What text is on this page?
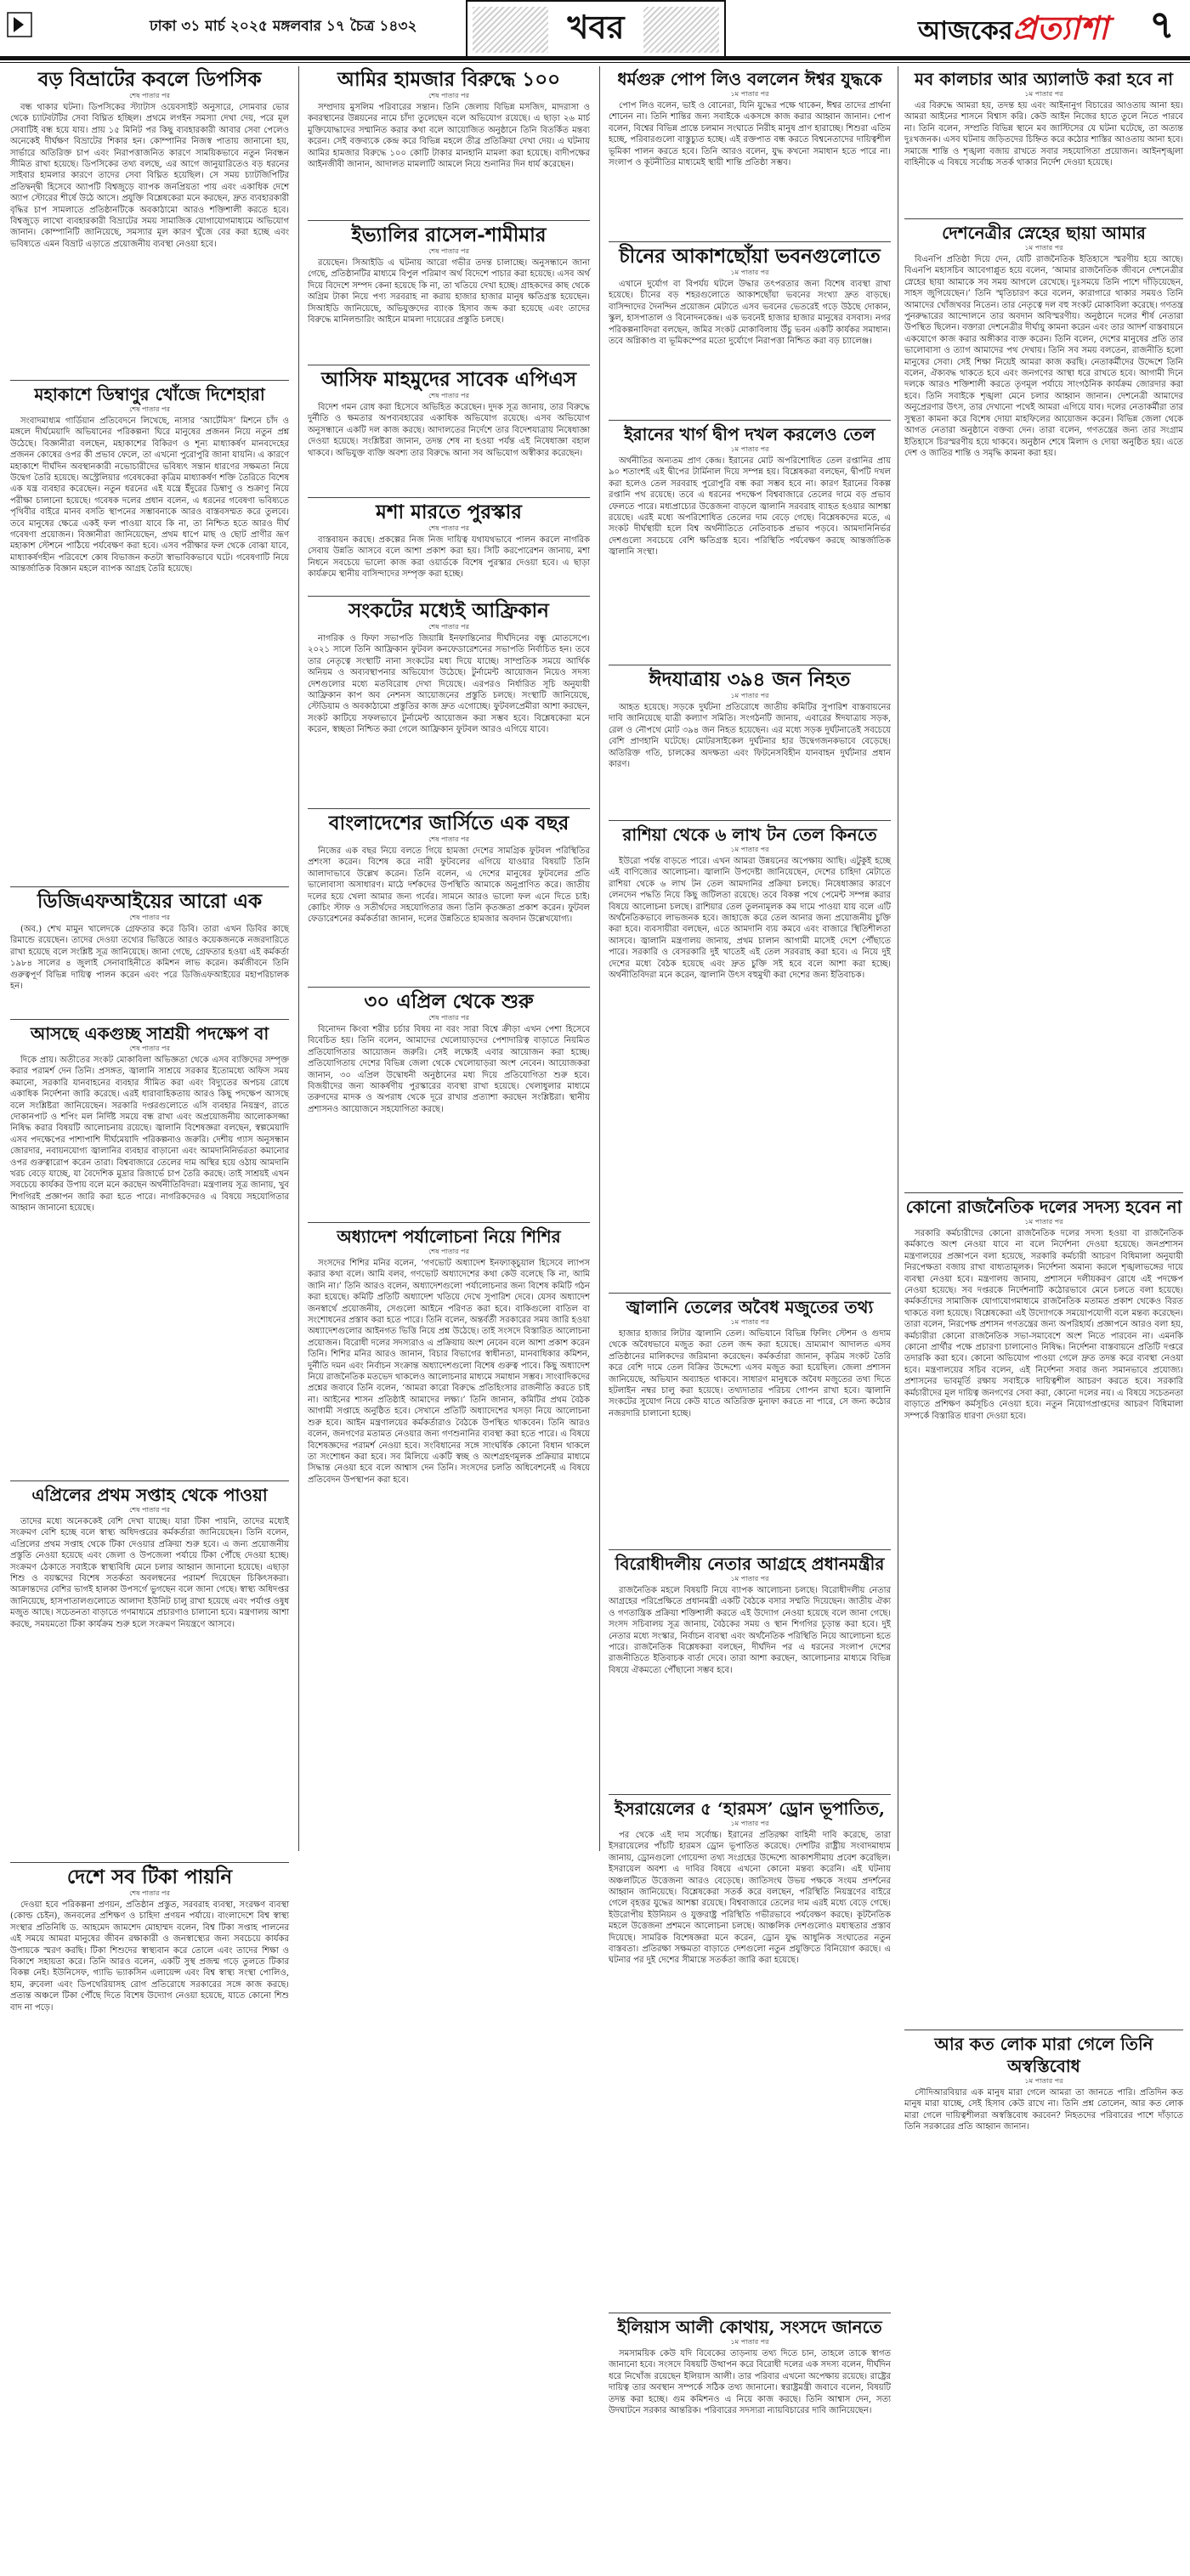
ঢাকা ৩১ মার্চ ২০২৫ মঙ্গলবার ১৭ চৈত্র ১৪৩২	খবর	আজকেরপ্রত্যাশা	৭
বড় বিভ্রাটের কবলে ডিপসিক
শেষ পাতার পর

বন্ধ থাকার ঘটনা। ডিপসিকের স্ট্যাটাস ওয়েবসাইট অনুসারে, সোমবার ভোর থেকে চ্যাটবটটির সেবা বিঘ্নিত হচ্ছিল। প্রথমে লগইন সমস্যা দেখা দেয়, পরে মূল সেবাটিই বন্ধ হয়ে যায়। প্রায় ১৫ মিনিট পর কিছু ব্যবহারকারী আবার সেবা পেলেও অনেকেই দীর্ঘক্ষণ বিভ্রাটের শিকার হন। কোম্পানির নিজস্ব পাতায় জানানো হয়, সার্ভারে অতিরিক্ত চাপ এবং নিরাপত্তাজনিত কারণে সাময়িকভাবে নতুন নিবন্ধন সীমিত রাখা হয়েছে। ডিপসিকের তথ্য বলছে, এর আগে জানুয়ারিতেও বড় ধরনের সাইবার হামলার কারণে তাদের সেবা বিঘ্নিত হয়েছিল। সে সময় চ্যাটজিপিটির প্রতিদ্বন্দ্বী হিসেবে অ্যাপটি বিশ্বজুড়ে ব্যাপক জনপ্রিয়তা পায় এবং একাধিক দেশে অ্যাপ স্টোরের শীর্ষে উঠে আসে। প্রযুক্তি বিশ্লেষকেরা মনে করছেন, দ্রুত ব্যবহারকারী বৃদ্ধির চাপ সামলাতে প্রতিষ্ঠানটিকে অবকাঠামো আরও শক্তিশালী করতে হবে। বিশ্বজুড়ে লাখো ব্যবহারকারী বিভ্রাটের সময় সামাজিক যোগাযোগমাধ্যমে অভিযোগ জানান। কোম্পানিটি জানিয়েছে, সমস্যার মূল কারণ খুঁজে বের করা হচ্ছে এবং ভবিষ্যতে এমন বিভ্রাট এড়াতে প্রয়োজনীয় ব্যবস্থা নেওয়া হবে।

মহাকাশে ডিম্বাণুর খোঁজে দিশেহারা
শেষ পাতার পর

সংবাদমাধ্যম গার্ডিয়ান প্রতিবেদনে লিখেছে, নাসার ‘আর্টেমিস’ মিশনে চাঁদ ও মঙ্গলে দীর্ঘমেয়াদি অভিযানের পরিকল্পনা ঘিরে মানুষের প্রজনন নিয়ে নতুন প্রশ্ন উঠেছে। বিজ্ঞানীরা বলছেন, মহাকাশের বিকিরণ ও শূন্য মাধ্যাকর্ষণ মানবদেহের প্রজনন কোষের ওপর কী প্রভাব ফেলে, তা এখনো পুরোপুরি জানা যায়নি। এ কারণে মহাকাশে দীর্ঘদিন অবস্থানকারী নভোচারীদের ভবিষ্যৎ সন্তান ধারণের সক্ষমতা নিয়ে উদ্বেগ তৈরি হয়েছে। অস্ট্রেলিয়ার গবেষকেরা কৃত্রিম মাধ্যাকর্ষণ শক্তি তৈরিতে বিশেষ এক যন্ত্র ব্যবহার করেছেন। নতুন ধরনের এই যন্ত্রে ইঁদুরের ডিম্বাণু ও শুক্রাণু নিয়ে পরীক্ষা চালানো হয়েছে। গবেষক দলের প্রধান বলেন, এ ধরনের গবেষণা ভবিষ্যতে পৃথিবীর বাইরে মানব বসতি স্থাপনের সম্ভাবনাকে আরও বাস্তবসম্মত করে তুলবে। তবে মানুষের ক্ষেত্রে একই ফল পাওয়া যাবে কি না, তা নিশ্চিত হতে আরও দীর্ঘ গবেষণা প্রয়োজন। বিজ্ঞানীরা জানিয়েছেন, প্রথম ধাপে মাছ ও ছোট প্রাণীর ভ্রূণ মহাকাশ স্টেশনে পাঠিয়ে পর্যবেক্ষণ করা হবে। এসব পরীক্ষার ফল থেকে বোঝা যাবে, মাধ্যাকর্ষণহীন পরিবেশে কোষ বিভাজন কতটা স্বাভাবিকভাবে ঘটে। গবেষণাটি নিয়ে আন্তর্জাতিক বিজ্ঞান মহলে ব্যাপক আগ্রহ তৈরি হয়েছে।

ডিজিএফআইয়ের আরো এক
শেষ পাতার পর

(অব.) শেখ মামুন খালেদকে গ্রেফতার করে ডিবি। তারা এখন ডিবির কাছে রিমান্ডে রয়েছেন। তাদের দেওয়া তথ্যের ভিত্তিতে আরও কয়েকজনকে নজরদারিতে রাখা হয়েছে বলে সংশ্লিষ্ট সূত্র জানিয়েছে। জানা গেছে, গ্রেফতার হওয়া এই কর্মকর্তা ১৯৮৪ সালের ৪ জুলাই সেনাবাহিনীতে কমিশন লাভ করেন। কর্মজীবনে তিনি গুরুত্বপূর্ণ বিভিন্ন দায়িত্ব পালন করেন এবং পরে ডিজিএফআইয়ের মহাপরিচালক হন।

আসছে একগুচ্ছ সাশ্রয়ী পদক্ষেপ বা
শেষ পাতার পর

দিকে প্রায়। অতীতের সংকট মোকাবিলা অভিজ্ঞতা থেকে এসব ব্যক্তিদের সম্পৃক্ত করার পরামর্শ দেন তিনি। প্রসঙ্গত, জ্বালানি সাশ্রয়ে সরকার ইতোমধ্যে অফিস সময় কমানো, সরকারি যানবাহনের ব্যবহার সীমিত করা এবং বিদ্যুতের অপচয় রোধে একাধিক নির্দেশনা জারি করেছে। এরই ধারাবাহিকতায় আরও কিছু পদক্ষেপ আসছে বলে সংশ্লিষ্টরা জানিয়েছেন। সরকারি দপ্তরগুলোতে এসি ব্যবহার নিয়ন্ত্রণ, রাতে দোকানপাট ও শপিং মল নির্দিষ্ট সময়ে বন্ধ রাখা এবং অপ্রয়োজনীয় আলোকসজ্জা নিষিদ্ধ করার বিষয়টি আলোচনায় রয়েছে। জ্বালানি বিশেষজ্ঞরা বলছেন, স্বল্পমেয়াদি এসব পদক্ষেপের পাশাপাশি দীর্ঘমেয়াদি পরিকল্পনাও জরুরি। দেশীয় গ্যাস অনুসন্ধান জোরদার, নবায়নযোগ্য জ্বালানির ব্যবহার বাড়ানো এবং আমদানিনির্ভরতা কমানোর ওপর গুরুত্বারোপ করেন তারা। বিশ্ববাজারে তেলের দাম অস্থির হয়ে ওঠায় আমদানি খরচ বেড়ে যাচ্ছে, যা বৈদেশিক মুদ্রার রিজার্ভে চাপ তৈরি করছে। তাই সাশ্রয়ই এখন সবচেয়ে কার্যকর উপায় বলে মনে করছেন অর্থনীতিবিদরা। মন্ত্রণালয় সূত্র জানায়, খুব শিগগিরই প্রজ্ঞাপন জারি করা হতে পারে। নাগরিকদেরও এ বিষয়ে সহযোগিতার আহ্বান জানানো হয়েছে।

এপ্রিলের প্রথম সপ্তাহ থেকে পাওয়া
শেষ পাতার পর

তাদের মধ্যে অনেককেই বেশি দেখা যাচ্ছে। যারা টিকা পায়নি, তাদের মধ্যেই সংক্রমণ বেশি হচ্ছে বলে স্বাস্থ্য অধিদপ্তরের কর্মকর্তারা জানিয়েছেন। তিনি বলেন, এপ্রিলের প্রথম সপ্তাহ থেকে টিকা দেওয়ার প্রক্রিয়া শুরু হবে। এ জন্য প্রয়োজনীয় প্রস্তুতি নেওয়া হয়েছে এবং জেলা ও উপজেলা পর্যায়ে টিকা পৌঁছে দেওয়া হচ্ছে। সংক্রমণ ঠেকাতে সবাইকে স্বাস্থ্যবিধি মেনে চলার আহ্বান জানানো হয়েছে। এছাড়া শিশু ও বয়স্কদের বিশেষ সতর্কতা অবলম্বনের পরামর্শ দিয়েছেন চিকিৎসকরা। আক্রান্তদের বেশির ভাগই হালকা উপসর্গে ভুগছেন বলে জানা গেছে। স্বাস্থ্য অধিদপ্তর জানিয়েছে, হাসপাতালগুলোতে আলাদা ইউনিট চালু রাখা হয়েছে এবং পর্যাপ্ত ওষুধ মজুত আছে। সচেতনতা বাড়াতে গণমাধ্যমে প্রচারণাও চালানো হবে। মন্ত্রণালয় আশা করছে, সময়মতো টিকা কার্যক্রম শুরু হলে সংক্রমণ নিয়ন্ত্রণে আসবে।

দেশে সব টিকা পায়নি
শেষ পাতার পর

দেওয়া হবে পরিকল্পনা প্রণয়ন, প্রতিষ্ঠান প্রস্তুত, সরবরাহ ব্যবস্থা, সংরক্ষণ ব্যবস্থা (কোল্ড চেইন), জনবলের প্রশিক্ষণ ও চাহিদা প্রণয়ন পর্যায়ে। বাংলাদেশে বিশ্ব স্বাস্থ্য সংস্থার প্রতিনিধি ড. আহমেদ জামশেদ মোহাম্মদ বলেন, বিশ্ব টিকা সপ্তাহ পালনের এই সময়ে আমরা মানুষের জীবন রক্ষাকারী ও জনস্বাস্থ্যের জন্য সবচেয়ে কার্যকর উপায়কে স্মরণ করছি। টিকা শিশুদের স্বাস্থ্যবান করে তোলে এবং তাদের শিক্ষা ও বিকাশে সহায়তা করে। তিনি আরও বলেন, একটি সুস্থ প্রজন্ম গড়ে তুলতে টিকার বিকল্প নেই। ইউনিসেফ, গ্যাভি ভ্যাকসিন এলায়েন্স এবং বিশ্ব স্বাস্থ্য সংস্থা পোলিও, হাম, রুবেলা এবং ডিপথেরিয়াসহ রোগ প্রতিরোধে সরকারের সঙ্গে কাজ করছে। প্রত্যন্ত অঞ্চলে টিকা পৌঁছে দিতে বিশেষ উদ্যোগ নেওয়া হয়েছে, যাতে কোনো শিশু বাদ না পড়ে।

আমির হামজার বিরুদ্ধে ১০০
শেষ পাতার পর

সম্প্রদায় মুসলিম পরিবারের সন্তান। তিনি জেলায় বিভিন্ন মসজিদ, মাদরাসা ও কবরস্থানের উন্নয়নের নামে চাঁদা তুলেছেন বলে অভিযোগ রয়েছে। এ ছাড়া ২৬ মার্চ মুক্তিযোদ্ধাদের সম্মানিত করার কথা বলে আয়োজিত অনুষ্ঠানে তিনি বিতর্কিত মন্তব্য করেন। সেই বক্তব্যকে কেন্দ্র করে বিভিন্ন মহলে তীব্র প্রতিক্রিয়া দেখা দেয়। এ ঘটনায় আমির হামজার বিরুদ্ধে ১০০ কোটি টাকার মানহানি মামলা করা হয়েছে। বাদীপক্ষের আইনজীবী জানান, আদালত মামলাটি আমলে নিয়ে শুনানির দিন ধার্য করেছেন।

ইভ্যালির রাসেল-শামীমার
শেষ পাতার পর

রয়েছেন। সিআইডি এ ঘটনায় আরো গভীর তদন্ত চালাচ্ছে। অনুসন্ধানে জানা গেছে, প্রতিষ্ঠানটির মাধ্যমে বিপুল পরিমাণ অর্থ বিদেশে পাচার করা হয়েছে। এসব অর্থ দিয়ে বিদেশে সম্পদ কেনা হয়েছে কি না, তা খতিয়ে দেখা হচ্ছে। গ্রাহকদের কাছ থেকে অগ্রিম টাকা নিয়ে পণ্য সরবরাহ না করায় হাজার হাজার মানুষ ক্ষতিগ্রস্ত হয়েছেন। সিআইডি জানিয়েছে, অভিযুক্তদের ব্যাংক হিসাব জব্দ করা হয়েছে এবং তাদের বিরুদ্ধে মানিলন্ডারিং আইনে মামলা দায়েরের প্রস্তুতি চলছে।

আসিফ মাহমুদের সাবেক এপিএস
শেষ পাতার পর

বিদেশ গমন রোধ করা হিসেবে অভিহিত করেছেন। দুদক সূত্র জানায়, তার বিরুদ্ধে দুর্নীতি ও ক্ষমতার অপব্যবহারের একাধিক অভিযোগ রয়েছে। এসব অভিযোগ অনুসন্ধানে একটি দল কাজ করছে। আদালতের নির্দেশে তার বিদেশযাত্রায় নিষেধাজ্ঞা দেওয়া হয়েছে। সংশ্লিষ্টরা জানান, তদন্ত শেষ না হওয়া পর্যন্ত এই নিষেধাজ্ঞা বহাল থাকবে। অভিযুক্ত ব্যক্তি অবশ্য তার বিরুদ্ধে আনা সব অভিযোগ অস্বীকার করেছেন।

মশা মারতে পুরস্কার
শেষ পাতার পর

বাস্তবায়ন করছে। প্রকল্পের নিজ নিজ দায়িত্ব যথাযথভাবে পালন করলে নাগরিক সেবায় উন্নতি আসবে বলে আশা প্রকাশ করা হয়। সিটি করপোরেশন জানায়, মশা নিধনে সবচেয়ে ভালো কাজ করা ওয়ার্ডকে বিশেষ পুরস্কার দেওয়া হবে। এ ছাড়া কার্যক্রমে স্থানীয় বাসিন্দাদের সম্পৃক্ত করা হচ্ছে।

সংকটের মধ্যেই আফ্রিকান
শেষ পাতার পর

নাগরিক ও ফিফা সভাপতি জিয়ান্নি ইনফান্তিনোর দীর্ঘদিনের বন্ধু মোতসেপে। ২০২১ সালে তিনি আফ্রিকান ফুটবল কনফেডারেশনের সভাপতি নির্বাচিত হন। তবে তার নেতৃত্বে সংস্থাটি নানা সংকটের মধ্য দিয়ে যাচ্ছে। সাম্প্রতিক সময়ে আর্থিক অনিয়ম ও অব্যবস্থাপনার অভিযোগ উঠেছে। টুর্নামেন্ট আয়োজন নিয়েও সদস্য দেশগুলোর মধ্যে মতবিরোধ দেখা দিয়েছে। এরপরও নির্ধারিত সূচি অনুযায়ী আফ্রিকান কাপ অব নেশনস আয়োজনের প্রস্তুতি চলছে। সংস্থাটি জানিয়েছে, স্টেডিয়াম ও অবকাঠামো প্রস্তুতির কাজ দ্রুত এগোচ্ছে। ফুটবলপ্রেমীরা আশা করছেন, সংকট কাটিয়ে সফলভাবে টুর্নামেন্ট আয়োজন করা সম্ভব হবে। বিশ্লেষকেরা মনে করেন, স্বচ্ছতা নিশ্চিত করা গেলে আফ্রিকান ফুটবল আরও এগিয়ে যাবে।

বাংলাদেশের জার্সিতে এক বছর
শেষ পাতার পর

নিজের এক বছর নিয়ে বলতে গিয়ে হামজা দেশের সামগ্রিক ফুটবল পরিস্থিতির প্রশংসা করেন। বিশেষ করে নারী ফুটবলের এগিয়ে যাওয়ার বিষয়টি তিনি আলাদাভাবে উল্লেখ করেন। তিনি বলেন, এ দেশের মানুষের ফুটবলের প্রতি ভালোবাসা অসাধারণ। মাঠে দর্শকদের উপস্থিতি আমাকে অনুপ্রাণিত করে। জাতীয় দলের হয়ে খেলা আমার জন্য গর্বের। সামনে আরও ভালো ফল এনে দিতে চাই। কোচিং স্টাফ ও সতীর্থদের সহযোগিতার জন্য তিনি কৃতজ্ঞতা প্রকাশ করেন। ফুটবল ফেডারেশনের কর্মকর্তারা জানান, দলের উন্নতিতে হামজার অবদান উল্লেখযোগ্য।

৩০ এপ্রিল থেকে শুরু
শেষ পাতার পর

বিনোদন কিংবা শরীর চর্চার বিষয় না বরং সারা বিশ্বে ক্রীড়া এখন পেশা হিসেবে বিবেচিত হয়। তিনি বলেন, আমাদের খেলোয়াড়দের পেশাদারিত্ব বাড়াতে নিয়মিত প্রতিযোগিতার আয়োজন জরুরি। সেই লক্ষ্যেই এবার আয়োজন করা হচ্ছে। প্রতিযোগিতায় দেশের বিভিন্ন জেলা থেকে খেলোয়াড়রা অংশ নেবেন। আয়োজকরা জানান, ৩০ এপ্রিল উদ্বোধনী অনুষ্ঠানের মধ্য দিয়ে প্রতিযোগিতা শুরু হবে। বিজয়ীদের জন্য আকর্ষণীয় পুরস্কারের ব্যবস্থা রাখা হয়েছে। খেলাধুলার মাধ্যমে তরুণদের মাদক ও অপরাধ থেকে দূরে রাখার প্রত্যাশা করছেন সংশ্লিষ্টরা। স্থানীয় প্রশাসনও আয়োজনে সহযোগিতা করছে।

অধ্যাদেশ পর্যালোচনা নিয়ে শিশির
শেষ পাতার পর

সংসদের শিশির মনির বলেন, ‘গণভোট অধ্যাদেশ ইনফ্যাক্চুয়াল হিসেবে ল্যাপস করার কথা বলে। আমি বলব, গণভোট অধ্যাদেশের কথা কেউ বলেছে কি না, আমি জানি না।’ তিনি আরও বলেন, অধ্যাদেশগুলো পর্যালোচনার জন্য বিশেষ কমিটি গঠন করা হয়েছে। কমিটি প্রতিটি অধ্যাদেশ খতিয়ে দেখে সুপারিশ দেবে। যেসব অধ্যাদেশ জনস্বার্থে প্রয়োজনীয়, সেগুলো আইনে পরিণত করা হবে। বাকিগুলো বাতিল বা সংশোধনের প্রস্তাব করা হতে পারে। তিনি বলেন, অন্তর্বর্তী সরকারের সময় জারি হওয়া অধ্যাদেশগুলোর আইনগত ভিত্তি নিয়ে প্রশ্ন উঠেছে। তাই সংসদে বিস্তারিত আলোচনা প্রয়োজন। বিরোধী দলের সদস্যরাও এ প্রক্রিয়ায় অংশ নেবেন বলে আশা প্রকাশ করেন তিনি। শিশির মনির আরও জানান, বিচার বিভাগের স্বাধীনতা, মানবাধিকার কমিশন, দুর্নীতি দমন এবং নির্বাচন সংক্রান্ত অধ্যাদেশগুলো বিশেষ গুরুত্ব পাবে। কিছু অধ্যাদেশ নিয়ে রাজনৈতিক মতভেদ থাকলেও আলোচনার মাধ্যমে সমাধান সম্ভব। সাংবাদিকদের প্রশ্নের জবাবে তিনি বলেন, ‘আমরা কারো বিরুদ্ধে প্রতিহিংসার রাজনীতি করতে চাই না। আইনের শাসন প্রতিষ্ঠাই আমাদের লক্ষ্য।’ তিনি জানান, কমিটির প্রথম বৈঠক আগামী সপ্তাহে অনুষ্ঠিত হবে। সেখানে প্রতিটি অধ্যাদেশের খসড়া নিয়ে আলোচনা শুরু হবে। আইন মন্ত্রণালয়ের কর্মকর্তারাও বৈঠকে উপস্থিত থাকবেন। তিনি আরও বলেন, জনগণের মতামত নেওয়ার জন্য গণশুনানির ব্যবস্থা করা হতে পারে। এ বিষয়ে বিশেষজ্ঞদের পরামর্শ নেওয়া হবে। সংবিধানের সঙ্গে সাংঘর্ষিক কোনো বিধান থাকলে তা সংশোধন করা হবে। সব মিলিয়ে একটি স্বচ্ছ ও অংশগ্রহণমূলক প্রক্রিয়ার মাধ্যমে সিদ্ধান্ত নেওয়া হবে বলে আশ্বাস দেন তিনি। সংসদের চলতি অধিবেশনেই এ বিষয়ে প্রতিবেদন উপস্থাপন করা হবে।

ধর্মগুরু পোপ লিও বললেন ঈশ্বর যুদ্ধকে
১ম পাতার পর

পোপ লিও বলেন, ভাই ও বোনেরা, যিনি যুদ্ধের পক্ষে থাকেন, ঈশ্বর তাদের প্রার্থনা শোনেন না। তিনি শান্তির জন্য সবাইকে একসঙ্গে কাজ করার আহ্বান জানান। পোপ বলেন, বিশ্বের বিভিন্ন প্রান্তে চলমান সংঘাতে নিরীহ মানুষ প্রাণ হারাচ্ছে। শিশুরা এতিম হচ্ছে, পরিবারগুলো বাস্তুচ্যুত হচ্ছে। এই রক্তপাত বন্ধ করতে বিশ্বনেতাদের দায়িত্বশীল ভূমিকা পালন করতে হবে। তিনি আরও বলেন, যুদ্ধ কখনো সমাধান হতে পারে না। সংলাপ ও কূটনীতির মাধ্যমেই স্থায়ী শান্তি প্রতিষ্ঠা সম্ভব।

চীনের আকাশছোঁয়া ভবনগুলোতে
১ম পাতার পর

এখানে দুর্যোগ বা বিপর্যয় ঘটলে উদ্ধার তৎপরতার জন্য বিশেষ ব্যবস্থা রাখা হয়েছে। চীনের বড় শহরগুলোতে আকাশছোঁয়া ভবনের সংখ্যা দ্রুত বাড়ছে। বাসিন্দাদের দৈনন্দিন প্রয়োজন মেটাতে এসব ভবনের ভেতরেই গড়ে উঠছে দোকান, স্কুল, হাসপাতাল ও বিনোদনকেন্দ্র। এক ভবনেই হাজার হাজার মানুষের বসবাস। নগর পরিকল্পনাবিদরা বলছেন, জমির সংকট মোকাবিলায় উঁচু ভবন একটি কার্যকর সমাধান। তবে অগ্নিকাণ্ড বা ভূমিকম্পের মতো দুর্যোগে নিরাপত্তা নিশ্চিত করা বড় চ্যালেঞ্জ।

ইরানের খার্গ দ্বীপ দখল করলেও তেল
১ম পাতার পর

অর্থনীতির অন্যতম প্রাণ কেন্দ্র। ইরানের মোট অপরিশোধিত তেল রপ্তানির প্রায় ৯০ শতাংশই এই দ্বীপের টার্মিনাল দিয়ে সম্পন্ন হয়। বিশ্লেষকরা বলছেন, দ্বীপটি দখল করা হলেও তেল সরবরাহ পুরোপুরি বন্ধ করা সম্ভব হবে না। কারণ ইরানের বিকল্প রপ্তানি পথ রয়েছে। তবে এ ধরনের পদক্ষেপ বিশ্ববাজারে তেলের দামে বড় প্রভাব ফেলতে পারে। মধ্যপ্রাচ্যের উত্তেজনা বাড়লে জ্বালানি সরবরাহ ব্যাহত হওয়ার আশঙ্কা রয়েছে। এরই মধ্যে অপরিশোধিত তেলের দাম বেড়ে গেছে। বিশ্লেষকদের মতে, এ সংকট দীর্ঘস্থায়ী হলে বিশ্ব অর্থনীতিতে নেতিবাচক প্রভাব পড়বে। আমদানিনির্ভর দেশগুলো সবচেয়ে বেশি ক্ষতিগ্রস্ত হবে। পরিস্থিতি পর্যবেক্ষণ করছে আন্তর্জাতিক জ্বালানি সংস্থা।

ঈদযাত্রায় ৩৯৪ জন নিহত
১ম পাতার পর

আহত হয়েছে। সড়কে দুর্ঘটনা প্রতিরোধে জাতীয় কমিটির সুপারিশ বাস্তবায়নের দাবি জানিয়েছে যাত্রী কল্যাণ সমিতি। সংগঠনটি জানায়, এবারের ঈদযাত্রায় সড়ক, রেল ও নৌপথে মোট ৩৯৪ জন নিহত হয়েছেন। এর মধ্যে সড়ক দুর্ঘটনাতেই সবচেয়ে বেশি প্রাণহানি ঘটেছে। মোটরসাইকেল দুর্ঘটনার হার উদ্বেগজনকভাবে বেড়েছে। অতিরিক্ত গতি, চালকের অদক্ষতা এবং ফিটনেসবিহীন যানবাহন দুর্ঘটনার প্রধান কারণ।

রাশিয়া থেকে ৬ লাখ টন তেল কিনতে
১ম পাতার পর

ইউরো পর্যন্ত বাড়তে পারে। এখন আমরা উন্নয়নের অপেক্ষায় আছি। এটুকুই হচ্ছে এই বাণিজ্যের আলোচনা। জ্বালানি উপদেষ্টা জানিয়েছেন, দেশের চাহিদা মেটাতে রাশিয়া থেকে ৬ লাখ টন তেল আমদানির প্রক্রিয়া চলছে। নিষেধাজ্ঞার কারণে লেনদেন পদ্ধতি নিয়ে কিছু জটিলতা রয়েছে। তবে বিকল্প পথে পেমেন্ট সম্পন্ন করার বিষয়ে আলোচনা চলছে। রাশিয়ার তেল তুলনামূলক কম দামে পাওয়া যায় বলে এটি অর্থনৈতিকভাবে লাভজনক হবে। জাহাজে করে তেল আনার জন্য প্রয়োজনীয় চুক্তি করা হবে। ব্যবসায়ীরা বলছেন, এতে আমদানি ব্যয় কমবে এবং বাজারে স্থিতিশীলতা আসবে। জ্বালানি মন্ত্রণালয় জানায়, প্রথম চালান আগামী মাসেই দেশে পৌঁছাতে পারে। সরকারি ও বেসরকারি দুই খাতেই এই তেল সরবরাহ করা হবে। এ নিয়ে দুই দেশের মধ্যে বৈঠক হয়েছে এবং দ্রুত চুক্তি সই হবে বলে আশা করা হচ্ছে। অর্থনীতিবিদরা মনে করেন, জ্বালানি উৎস বহুমুখী করা দেশের জন্য ইতিবাচক।

জ্বালানি তেলের অবৈধ মজুতের তথ্য
১ম পাতার পর

হাজার হাজার লিটার জ্বালানি তেল। অভিযানে বিভিন্ন ফিলিং স্টেশন ও গুদাম থেকে অবৈধভাবে মজুত করা তেল জব্দ করা হয়েছে। ভ্রাম্যমাণ আদালত এসব প্রতিষ্ঠানের মালিকদের জরিমানা করেছেন। কর্মকর্তারা জানান, কৃত্রিম সংকট তৈরি করে বেশি দামে তেল বিক্রির উদ্দেশ্যে এসব মজুত করা হয়েছিল। জেলা প্রশাসন জানিয়েছে, অভিযান অব্যাহত থাকবে। সাধারণ মানুষকে অবৈধ মজুতের তথ্য দিতে হটলাইন নম্বর চালু করা হয়েছে। তথ্যদাতার পরিচয় গোপন রাখা হবে। জ্বালানি সংকটের সুযোগ নিয়ে কেউ যাতে অতিরিক্ত মুনাফা করতে না পারে, সে জন্য কঠোর নজরদারি চালানো হচ্ছে।

বিরোধীদলীয় নেতার আগ্রহে প্রধানমন্ত্রীর
১ম পাতার পর

রাজনৈতিক মহলে বিষয়টি নিয়ে ব্যাপক আলোচনা চলছে। বিরোধীদলীয় নেতার আগ্রহের পরিপ্রেক্ষিতে প্রধানমন্ত্রী একটি বৈঠকে বসার সম্মতি দিয়েছেন। জাতীয় ঐক্য ও গণতান্ত্রিক প্রক্রিয়া শক্তিশালী করতে এই উদ্যোগ নেওয়া হয়েছে বলে জানা গেছে। সংসদ সচিবালয় সূত্র জানায়, বৈঠকের সময় ও স্থান শিগগির চূড়ান্ত করা হবে। দুই নেতার মধ্যে সংস্কার, নির্বাচন ব্যবস্থা এবং অর্থনৈতিক পরিস্থিতি নিয়ে আলোচনা হতে পারে। রাজনৈতিক বিশ্লেষকরা বলছেন, দীর্ঘদিন পর এ ধরনের সংলাপ দেশের রাজনীতিতে ইতিবাচক বার্তা দেবে। তারা আশা করছেন, আলোচনার মাধ্যমে বিভিন্ন বিষয়ে ঐকমত্যে পৌঁছানো সম্ভব হবে।

ইসরায়েলের ৫ ‘হারমস’ ড্রোন ভূপাতিত,
১ম পাতার পর

পর থেকে এই দাম সর্বোচ্চ। ইরানের প্রতিরক্ষা বাহিনী দাবি করেছে, তারা ইসরায়েলের পাঁচটি হারমস ড্রোন ভূপাতিত করেছে। দেশটির রাষ্ট্রীয় সংবাদমাধ্যম জানায়, ড্রোনগুলো গোয়েন্দা তথ্য সংগ্রহের উদ্দেশ্যে আকাশসীমায় প্রবেশ করেছিল। ইসরায়েল অবশ্য এ দাবির বিষয়ে এখনো কোনো মন্তব্য করেনি। এই ঘটনায় অঞ্চলটিতে উত্তেজনা আরও বেড়েছে। জাতিসংঘ উভয় পক্ষকে সংযম প্রদর্শনের আহ্বান জানিয়েছে। বিশ্লেষকেরা সতর্ক করে বলছেন, পরিস্থিতি নিয়ন্ত্রণের বাইরে গেলে বৃহত্তর যুদ্ধের আশঙ্কা রয়েছে। বিশ্ববাজারে তেলের দাম এরই মধ্যে বেড়ে গেছে। ইউরোপীয় ইউনিয়ন ও যুক্তরাষ্ট্র পরিস্থিতি গভীরভাবে পর্যবেক্ষণ করছে। কূটনৈতিক মহলে উত্তেজনা প্রশমনে আলোচনা চলছে। আঞ্চলিক দেশগুলোও মধ্যস্থতার প্রস্তাব দিয়েছে। সামরিক বিশেষজ্ঞরা মনে করেন, ড্রোন যুদ্ধ আধুনিক সংঘাতের নতুন বাস্তবতা। প্রতিরক্ষা সক্ষমতা বাড়াতে দেশগুলো নতুন প্রযুক্তিতে বিনিয়োগ করছে। এ ঘটনার পর দুই দেশের সীমান্তে সতর্কতা জারি করা হয়েছে।

ইলিয়াস আলী কোথায়, সংসদে জানতে
১ম পাতার পর

সমসাময়িক কেউ যদি বিবেকের তাড়নায় তথ্য দিতে চান, তাহলে তাকে স্বাগত জানানো হবে। সংসদে বিষয়টি উত্থাপন করে বিরোধী দলের এক সদস্য বলেন, দীর্ঘদিন ধরে নিখোঁজ রয়েছেন ইলিয়াস আলী। তার পরিবার এখনো অপেক্ষায় রয়েছে। রাষ্ট্রের দায়িত্ব তার অবস্থান সম্পর্কে সঠিক তথ্য জানানো। স্বরাষ্ট্রমন্ত্রী জবাবে বলেন, বিষয়টি তদন্ত করা হচ্ছে। গুম কমিশনও এ নিয়ে কাজ করছে। তিনি আশ্বাস দেন, সত্য উদঘাটনে সরকার আন্তরিক। পরিবারের সদস্যরা ন্যায়বিচারের দাবি জানিয়েছেন।

মব কালচার আর অ্যালাউ করা হবে না
১ম পাতার পর

এর বিরুদ্ধে আমরা হয়, তদন্ত হয় এবং আইনানুগ বিচারের আওতায় আনা হয়। আমরা আইনের শাসনে বিশ্বাস করি। কেউ আইন নিজের হাতে তুলে নিতে পারবে না। তিনি বলেন, সম্প্রতি বিভিন্ন স্থানে মব জাস্টিসের যে ঘটনা ঘটেছে, তা অত্যন্ত দুঃখজনক। এসব ঘটনায় জড়িতদের চিহ্নিত করে কঠোর শাস্তির আওতায় আনা হবে। সমাজে শান্তি ও শৃঙ্খলা বজায় রাখতে সবার সহযোগিতা প্রয়োজন। আইনশৃঙ্খলা বাহিনীকে এ বিষয়ে সর্বোচ্চ সতর্ক থাকার নির্দেশ দেওয়া হয়েছে।

দেশনেত্রীর স্নেহের ছায়া আমার
১ম পাতার পর

বিএনপি প্রতিষ্ঠা দিয়ে দেন, যেটি রাজনৈতিক ইতিহাসে স্মরণীয় হয়ে আছে। বিএনপি মহাসচিব আবেগাপ্লুত হয়ে বলেন, ‘আমার রাজনৈতিক জীবনে দেশনেত্রীর স্নেহের ছায়া আমাকে সব সময় আগলে রেখেছে। দুঃসময়ে তিনি পাশে দাঁড়িয়েছেন, সাহস জুগিয়েছেন।’ তিনি স্মৃতিচারণ করে বলেন, কারাগারে থাকার সময়ও তিনি আমাদের খোঁজখবর নিতেন। তার নেতৃত্বে দল বহু সংকট মোকাবিলা করেছে। গণতন্ত্র পুনরুদ্ধারের আন্দোলনে তার অবদান অবিস্মরণীয়। অনুষ্ঠানে দলের শীর্ষ নেতারা উপস্থিত ছিলেন। বক্তারা দেশনেত্রীর দীর্ঘায়ু কামনা করেন এবং তার আদর্শ বাস্তবায়নে একযোগে কাজ করার অঙ্গীকার ব্যক্ত করেন। তিনি বলেন, দেশের মানুষের প্রতি তার ভালোবাসা ও ত্যাগ আমাদের পথ দেখায়। তিনি সব সময় বলতেন, রাজনীতি হলো মানুষের সেবা। সেই শিক্ষা নিয়েই আমরা কাজ করছি। নেতাকর্মীদের উদ্দেশে তিনি বলেন, ঐক্যবদ্ধ থাকতে হবে এবং জনগণের আস্থা ধরে রাখতে হবে। আগামী দিনে দলকে আরও শক্তিশালী করতে তৃণমূল পর্যায়ে সাংগঠনিক কার্যক্রম জোরদার করা হবে। তিনি সবাইকে শৃঙ্খলা মেনে চলার আহ্বান জানান। দেশনেত্রী আমাদের অনুপ্রেরণার উৎস, তার দেখানো পথেই আমরা এগিয়ে যাব। দলের নেতাকর্মীরা তার সুস্থতা কামনা করে বিশেষ দোয়া মাহফিলের আয়োজন করেন। বিভিন্ন জেলা থেকে আগত নেতারা অনুষ্ঠানে বক্তব্য দেন। তারা বলেন, গণতন্ত্রের জন্য তার সংগ্রাম ইতিহাসে চিরস্মরণীয় হয়ে থাকবে। অনুষ্ঠান শেষে মিলাদ ও দোয়া অনুষ্ঠিত হয়। এতে দেশ ও জাতির শান্তি ও সমৃদ্ধি কামনা করা হয়।

কোনো রাজনৈতিক দলের সদস্য হবেন না
১ম পাতার পর

সরকারি কর্মচারীদের কোনো রাজনৈতিক দলের সদস্য হওয়া বা রাজনৈতিক কর্মকাণ্ডে অংশ নেওয়া যাবে না বলে নির্দেশনা দেওয়া হয়েছে। জনপ্রশাসন মন্ত্রণালয়ের প্রজ্ঞাপনে বলা হয়েছে, সরকারি কর্মচারী আচরণ বিধিমালা অনুযায়ী নিরপেক্ষতা বজায় রাখা বাধ্যতামূলক। নির্দেশনা অমান্য করলে শৃঙ্খলাভঙ্গের দায়ে ব্যবস্থা নেওয়া হবে। মন্ত্রণালয় জানায়, প্রশাসনে দলীয়করণ রোধে এই পদক্ষেপ নেওয়া হয়েছে। সব দপ্তরকে নির্দেশনাটি কঠোরভাবে মেনে চলতে বলা হয়েছে। কর্মকর্তাদের সামাজিক যোগাযোগমাধ্যমে রাজনৈতিক মতামত প্রকাশ থেকেও বিরত থাকতে বলা হয়েছে। বিশ্লেষকেরা এই উদ্যোগকে সময়োপযোগী বলে মন্তব্য করেছেন। তারা বলেন, নিরপেক্ষ প্রশাসন গণতন্ত্রের জন্য অপরিহার্য। প্রজ্ঞাপনে আরও বলা হয়, কর্মচারীরা কোনো রাজনৈতিক সভা-সমাবেশে অংশ নিতে পারবেন না। এমনকি কোনো প্রার্থীর পক্ষে প্রচারণা চালানোও নিষিদ্ধ। নির্দেশনা বাস্তবায়নে প্রতিটি দপ্তরে তদারকি করা হবে। কোনো অভিযোগ পাওয়া গেলে দ্রুত তদন্ত করে ব্যবস্থা নেওয়া হবে। মন্ত্রণালয়ের সচিব বলেন, এই নির্দেশনা সবার জন্য সমানভাবে প্রযোজ্য। প্রশাসনের ভাবমূর্তি রক্ষায় সবাইকে দায়িত্বশীল আচরণ করতে হবে। সরকারি কর্মচারীদের মূল দায়িত্ব জনগণের সেবা করা, কোনো দলের নয়। এ বিষয়ে সচেতনতা বাড়াতে প্রশিক্ষণ কর্মসূচিও নেওয়া হবে। নতুন নিয়োগপ্রাপ্তদের আচরণ বিধিমালা সম্পর্কে বিস্তারিত ধারণা দেওয়া হবে।

আর কত লোক মারা গেলে তিনি অস্বস্তিবোধ
১ম পাতার পর

সৌদিআরবিয়ার এক মানুষ মারা গেলে আমরা তা জানতে পারি। প্রতিদিন কত মানুষ মারা যাচ্ছে, সেই হিসাব কেউ রাখে না। তিনি প্রশ্ন তোলেন, আর কত লোক মারা গেলে দায়িত্বশীলরা অস্বস্তিবোধ করবেন? নিহতদের পরিবারের পাশে দাঁড়াতে তিনি সরকারের প্রতি আহ্বান জানান।
